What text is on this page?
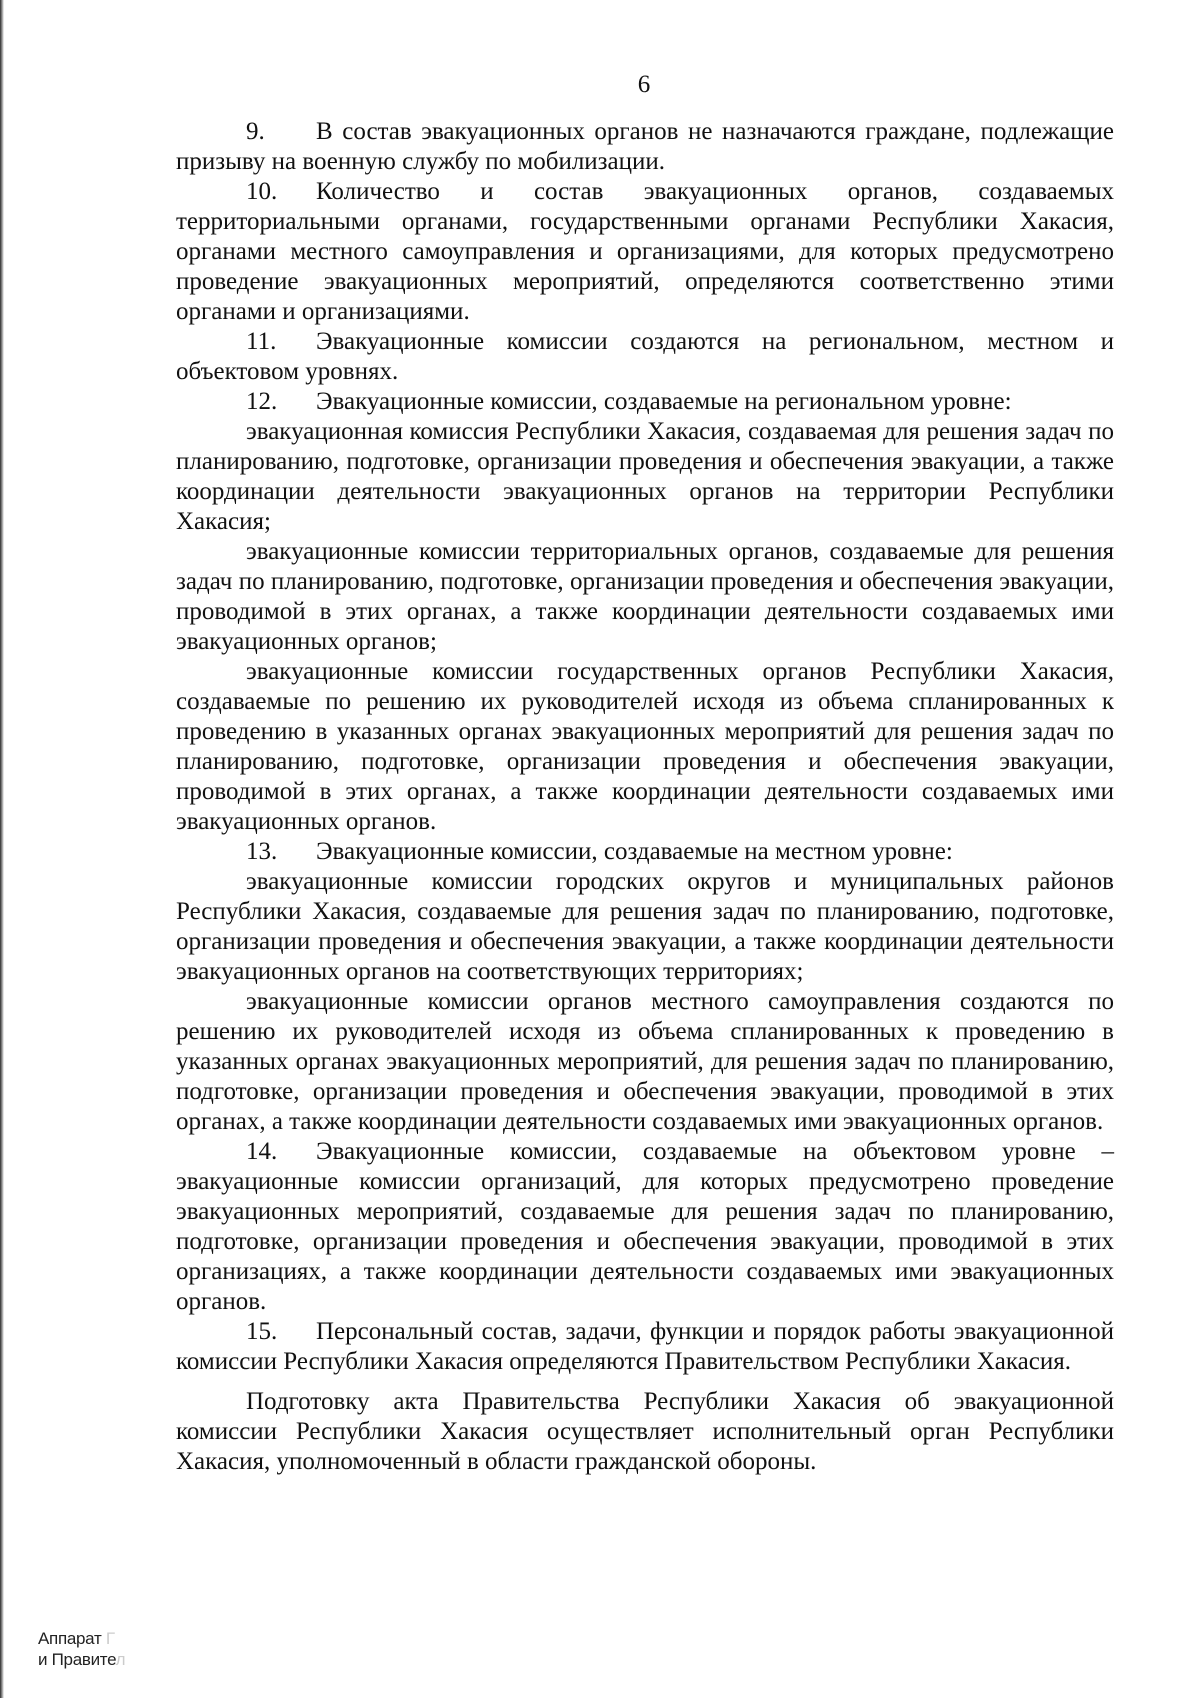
6

9. В состав эвакуационных органов не назначаются граждане, подлежащие призыву на военную службу по мобилизации.

10. Количество и состав эвакуационных органов, создаваемых территориальными органами, государственными органами Республики Хакасия, органами местного самоуправления и организациями, для которых предусмотрено проведение эвакуационных мероприятий, определяются соответственно этими органами и организациями.

11. Эвакуационные комиссии создаются на региональном, местном и объектовом уровнях.

12. Эвакуационные комиссии, создаваемые на региональном уровне:

эвакуационная комиссия Республики Хакасия, создаваемая для решения задач по планированию, подготовке, организации проведения и обеспечения эвакуации, а также координации деятельности эвакуационных органов на территории Республики Хакасия;

эвакуационные комиссии территориальных органов, создаваемые для решения задач по планированию, подготовке, организации проведения и обеспечения эвакуации, проводимой в этих органах, а также координации деятельности создаваемых ими эвакуационных органов;

эвакуационные комиссии государственных органов Республики Хакасия, создаваемые по решению их руководителей исходя из объема спланированных к проведению в указанных органах эвакуационных мероприятий для решения задач по планированию, подготовке, организации проведения и обеспечения эвакуации, проводимой в этих органах, а также координации деятельности создаваемых ими эвакуационных органов.

13. Эвакуационные комиссии, создаваемые на местном уровне:

эвакуационные комиссии городских округов и муниципальных районов Республики Хакасия, создаваемые для решения задач по планированию, подготовке, организации проведения и обеспечения эвакуации, а также координации деятельности эвакуационных органов на соответствующих территориях;

эвакуационные комиссии органов местного самоуправления создаются по решению их руководителей исходя из объема спланированных к проведению в указанных органах эвакуационных мероприятий, для решения задач по планированию, подготовке, организации проведения и обеспечения эвакуации, проводимой в этих органах, а также координации деятельности создаваемых ими эвакуационных органов.

14. Эвакуационные комиссии, создаваемые на объектовом уровне – эвакуационные комиссии организаций, для которых предусмотрено проведение эвакуационных мероприятий, создаваемые для решения задач по планированию, подготовке, организации проведения и обеспечения эвакуации, проводимой в этих организациях, а также координации деятельности создаваемых ими эвакуационных органов.

15. Персональный состав, задачи, функции и порядок работы эвакуационной комиссии Республики Хакасия определяются Правительством Республики Хакасия.

Подготовку акта Правительства Республики Хакасия об эвакуационной комиссии Республики Хакасия осуществляет исполнительный орган Республики Хакасия, уполномоченный в области гражданской обороны.

Аппарат Г
и Правител
